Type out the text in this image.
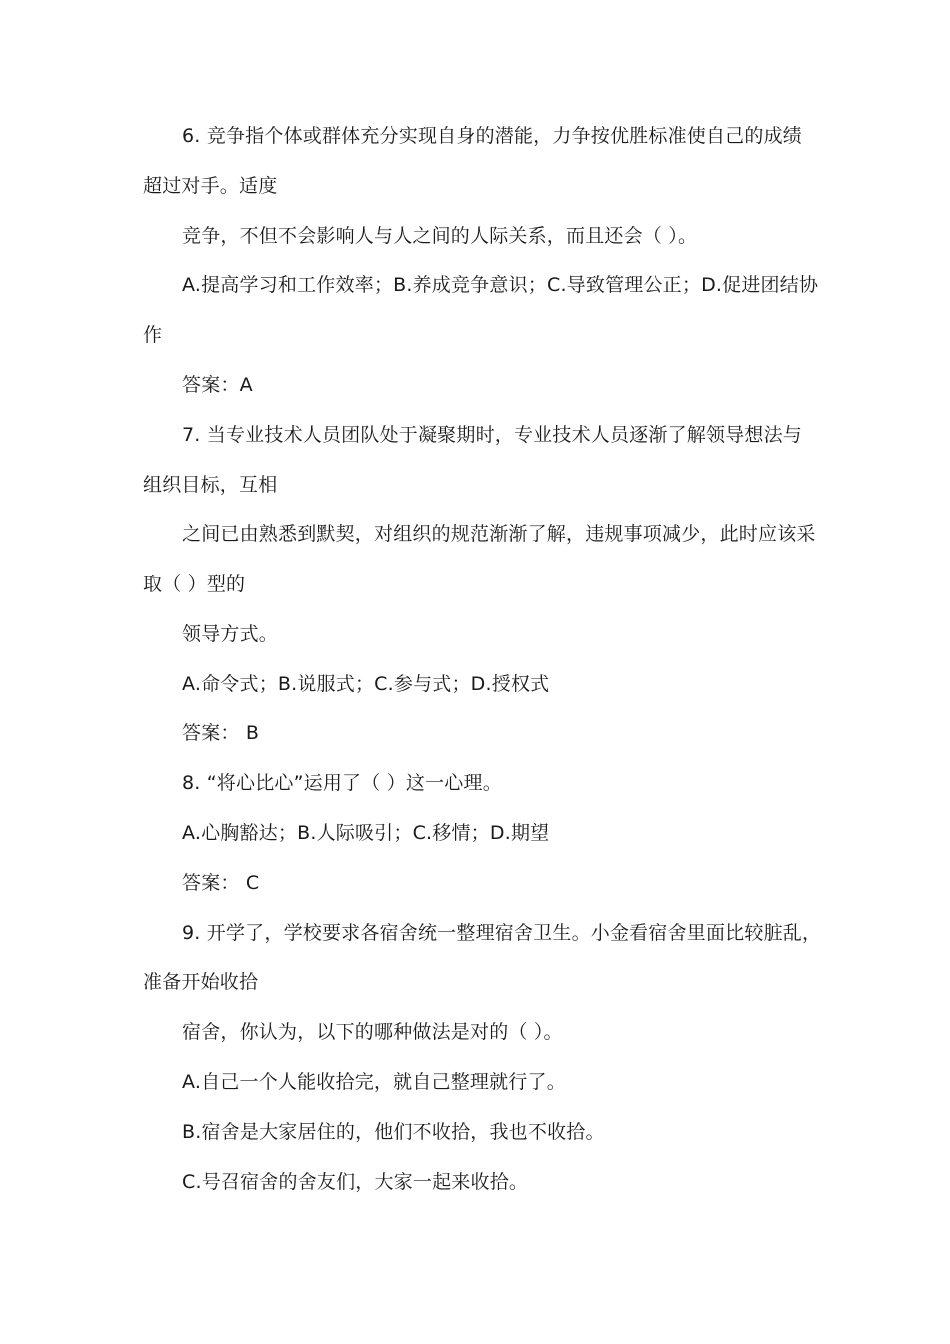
6. 竞争指个体或群体充分实现自身的潜能，力争按优胜标准使自己的成绩
超过对手。适度
竞争，不但不会影响人与人之间的人际关系，而且还会（ ）。
A.提高学习和工作效率；B.养成竞争意识；C.导致管理公正；D.促进团结协
作
答案：A
7. 当专业技术人员团队处于凝聚期时，专业技术人员逐渐了解领导想法与
组织目标，互相
之间已由熟悉到默契，对组织的规范渐渐了解，违规事项减少，此时应该采
取（ ）型的
领导方式。
A.命令式；B.说服式；C.参与式；D.授权式
答案： B
8. “将心比心”运用了（ ）这一心理。
A.心胸豁达；B.人际吸引；C.移情；D.期望
答案： C
9. 开学了，学校要求各宿舍统一整理宿舍卫生。小金看宿舍里面比较脏乱，
准备开始收拾
宿舍，你认为，以下的哪种做法是对的（ ）。
A.自己一个人能收拾完，就自己整理就行了。
B.宿舍是大家居住的，他们不收拾，我也不收拾。
C.号召宿舍的舍友们，大家一起来收拾。
